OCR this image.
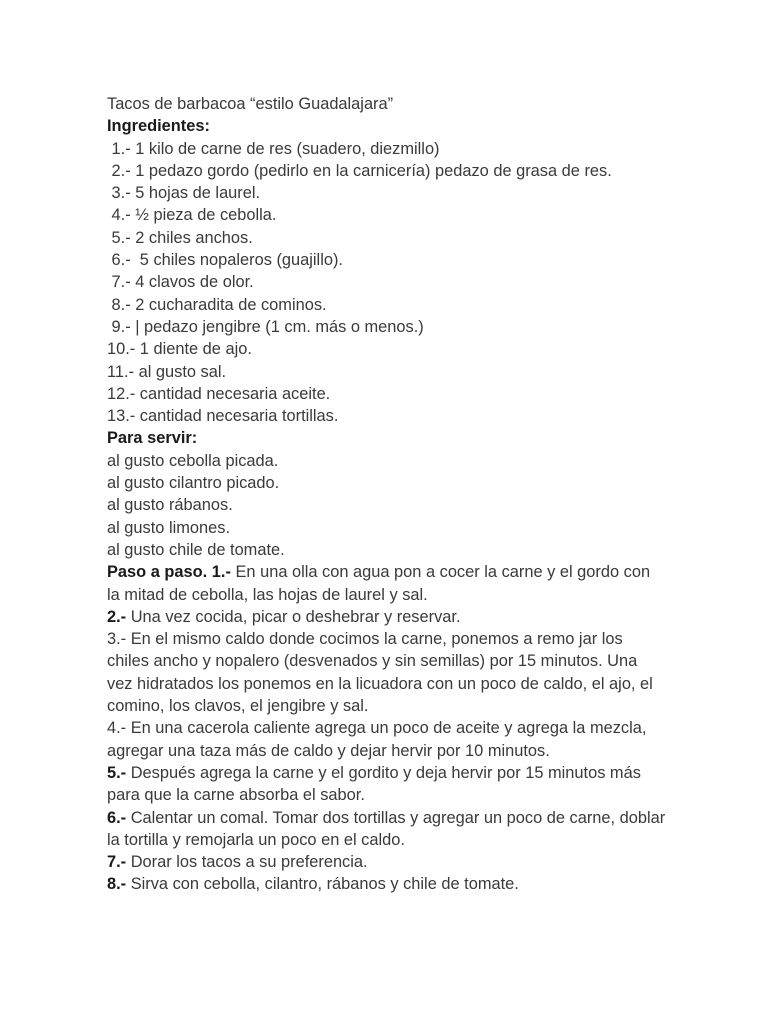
Tacos de barbacoa “estilo Guadalajara”

Ingredientes:

1.- 1 kilo de carne de res (suadero, diezmillo)

2.- 1 pedazo gordo (pedirlo en la carnicería) pedazo de grasa de res.

3.- 5 hojas de laurel.

4.- ½ pieza de cebolla.

5.- 2 chiles anchos.

6.-  5 chiles nopaleros (guajillo).

7.- 4 clavos de olor.

8.- 2 cucharadita de cominos.

9.- | pedazo jengibre (1 cm. más o menos.)

10.- 1 diente de ajo.

11.- al gusto sal.

12.- cantidad necesaria aceite.

13.- cantidad necesaria tortillas.

Para servir:

al gusto cebolla picada.

al gusto cilantro picado.

al gusto rábanos.

al gusto limones.

al gusto chile de tomate.

Paso a paso. 1.- En una olla con agua pon a cocer la carne y el gordo con la mitad de cebolla, las hojas de laurel y sal.

2.- Una vez cocida, picar o deshebrar y reservar.

3.- En el mismo caldo donde cocimos la carne, ponemos a remo jar los chiles ancho y nopalero (desvenados y sin semillas) por 15 minutos. Una vez hidratados los ponemos en la licuadora con un poco de caldo, el ajo, el comino, los clavos, el jengibre y sal.

4.- En una cacerola caliente agrega un poco de aceite y agrega la mezcla, agregar una taza más de caldo y dejar hervir por 10 minutos.

5.- Después agrega la carne y el gordito y deja hervir por 15 minutos más para que la carne absorba el sabor.

6.- Calentar un comal. Tomar dos tortillas y agregar un poco de carne, doblar la tortilla y remojarla un poco en el caldo.

7.- Dorar los tacos a su preferencia.

8.- Sirva con cebolla, cilantro, rábanos y chile de tomate.
